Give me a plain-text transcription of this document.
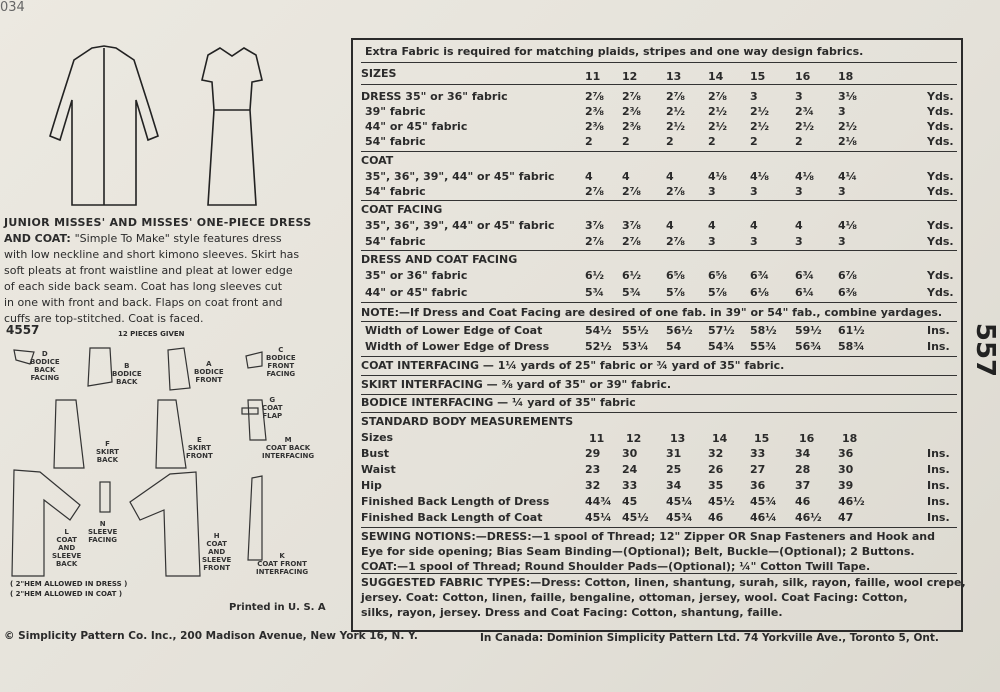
034
JUNIOR MISSES' AND MISSES' ONE-PIECE DRESS
AND COAT: "Simple To Make" style features dress
with low neckline and short kimono sleeves. Skirt has
soft pleats at front waistline and pleat at lower edge
of each side back seam. Coat has long sleeves cut
in one with front and back. Flaps on coat front and
cuffs are top-stitched. Coat is faced.
4557	12 PIECES GIVEN
D
BODICE
BACK
FACING
B
BODICE
BACK
A
BODICE
FRONT
C
BODICE
FRONT
FACING
G
COAT
FLAP
F
SKIRT
BACK
E
SKIRT
FRONT
M
COAT BACK
INTERFACING
N
SLEEVE
FACING
L
COAT
AND
SLEEVE
BACK
H
COAT
AND
SLEEVE
FRONT
K
COAT FRONT
INTERFACING
( 2"HEM ALLOWED IN DRESS )
( 2"HEM ALLOWED IN COAT )
Printed in U. S. A
© Simplicity Pattern Co. Inc., 200 Madison Avenue, New York 16, N. Y.	In Canada: Dominion Simplicity Pattern Ltd. 74 Yorkville Ave., Toronto 5, Ont.
557
Extra Fabric is required for matching plaids, stripes and one way design fabrics.
SIZES	11 12	13 14 15	16	18
DRESS 35" or 36" fabric	2⅞ 2⅞ 2⅞ 2⅞ 3	3	3⅛	Yds.
39" fabric	2⅜ 2⅜ 2½ 2½ 2½ 2¾ 3	Yds.
44" or 45" fabric	2⅜ 2⅜ 2½ 2½ 2½ 2½ 2½	Yds.
54" fabric	2	2	2	2	2	2	2⅛	Yds.
COAT
35", 36", 39", 44" or 45" fabric	4	4	4	4⅛ 4⅛ 4⅛ 4¼	Yds.
54" fabric	2⅞ 2⅞ 2⅞ 3	3	3	3	Yds.
COAT FACING
35", 36", 39", 44" or 45" fabric	3⅞ 3⅞ 4	4	4	4	4⅛	Yds.
54" fabric	2⅞ 2⅞ 2⅞ 3	3	3	3	Yds.
DRESS AND COAT FACING
35" or 36" fabric	6½ 6½ 6⅝ 6⅝ 6¾ 6¾ 6⅞	Yds.
44" or 45" fabric	5¾ 5¾ 5⅞ 5⅞ 6⅛ 6¼ 6⅜	Yds.
NOTE:—If Dress and Coat Facing are desired of one fab. in 39" or 54" fab., combine yardages.
Width of Lower Edge of Coat	54½ 55½ 56½ 57½ 58½ 59½ 61½	Ins.
Width of Lower Edge of Dress	52½ 53¼ 54 54¾ 55¾ 56¾ 58¾	Ins.
COAT INTERFACING — 1¼ yards of 25" fabric or ¾ yard of 35" fabric.
SKIRT INTERFACING — ⅜ yard of 35" or 39" fabric.
BODICE INTERFACING — ¼ yard of 35" fabric
STANDARD BODY MEASUREMENTS
Sizes	11 12	13 14 15	16	18
Bust	29 30	31 32 33	34	36	Ins.
Waist	23 24	25 26 27	28	30	Ins.
Hip	32 33	34 35 36	37	39	Ins.
Finished Back Length of Dress	44¾ 45	45¼ 45½ 45¾ 46	46½	Ins.
Finished Back Length of Coat	45¼ 45½ 45¾ 46 46¼ 46½ 47	Ins.
SEWING NOTIONS:—DRESS:—1 spool of Thread; 12" Zipper OR Snap Fasteners and Hook and
Eye for side opening; Bias Seam Binding—(Optional); Belt, Buckle—(Optional); 2 Buttons.
COAT:—1 spool of Thread; Round Shoulder Pads—(Optional); ¼" Cotton Twill Tape.
SUGGESTED FABRIC TYPES:—Dress: Cotton, linen, shantung, surah, silk, rayon, faille, wool crepe,
jersey. Coat: Cotton, linen, faille, bengaline, ottoman, jersey, wool. Coat Facing: Cotton,
silks, rayon, jersey. Dress and Coat Facing: Cotton, shantung, faille.
